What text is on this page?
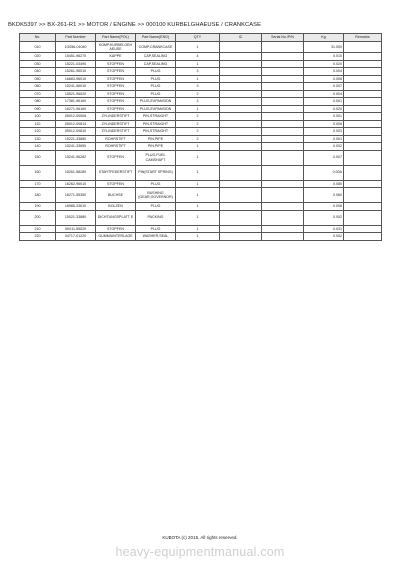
BKDK5397 >> BX-261-R1 >> MOTOR / ENGINE >> 000100 KURBELGHAEUSE / CRANKCASE
No.	Part Number	Part Name(POL)	Part Name(ENG)	QTY	IC	Serial No./P/N	Kg	Remarks
010	1G056-01040	KOMP.KURBELGEH AEUSE	COMP,CRANKCASE	1			31.000	
020	15451-96270	KAPPE	CAP,SEALING	4			0.010	
030	15221-03490	STOPFEN	CAP,SEALING	1			0.020	
040	15261-96010	STOPFEN	PLUG	3			0.004	
050	16683-96010	STOPFEN	PLUG	1			0.008	
060	15241-96010	STOPFEN	PLUG	3			0.007	
070	15521-96020	STOPFEN	PLUG	2			0.004	
080	17381-96160	STOPFEN	PLUG,EXPANSION	3			0.001	
090	16271-96160	STOPFEN	PLUG,EXPANSION	1			0.020	
100	05012-00508	ZYLINDERSTIFT	PIN,STRAIGHT	2			0.001	
110	05012-00814	ZYLINDERSTIFT	PIN,STRAIGHT	2			0.006	
120	05012-00810	ZYLINDERSTIFT	PIN,STRAIGHT	2			0.003	
130	15221-33880	ROHRSTIFT	PIN,PIPE	2			0.001	
140	15241-33650	ROHRSTIFT	PIN,PIPE	1			0.002	
150	15241-96282	STOPFEN	PLUG,FUEL CAMSHAFT	1			0.007	
160	15261-58280	STARTFEDERSTIFT	PIN(START SPRING)	1			0.00A	
170	16262-96010	STOPFEN	PLUG	1			0.080	
180	16271-55350	BUCHSE	BUSHING (GEAR,GOVERNOR)	1			0.060	
190	16986-33610	BOLZEN	PLUG	1			0.006	
200	15021-33880	DICHTUNGSPLATT E	PACKING	1			0.002	
210	0K011-55020	STOPFEN	PLUG	1			0.031	
220	04717-01220	GUMMIUNTERLAGE	WASHER,SEAL	1			0.002	
KUBOTA (c) 2015. All rights reserved.
heavy-equipmentmanual.com
